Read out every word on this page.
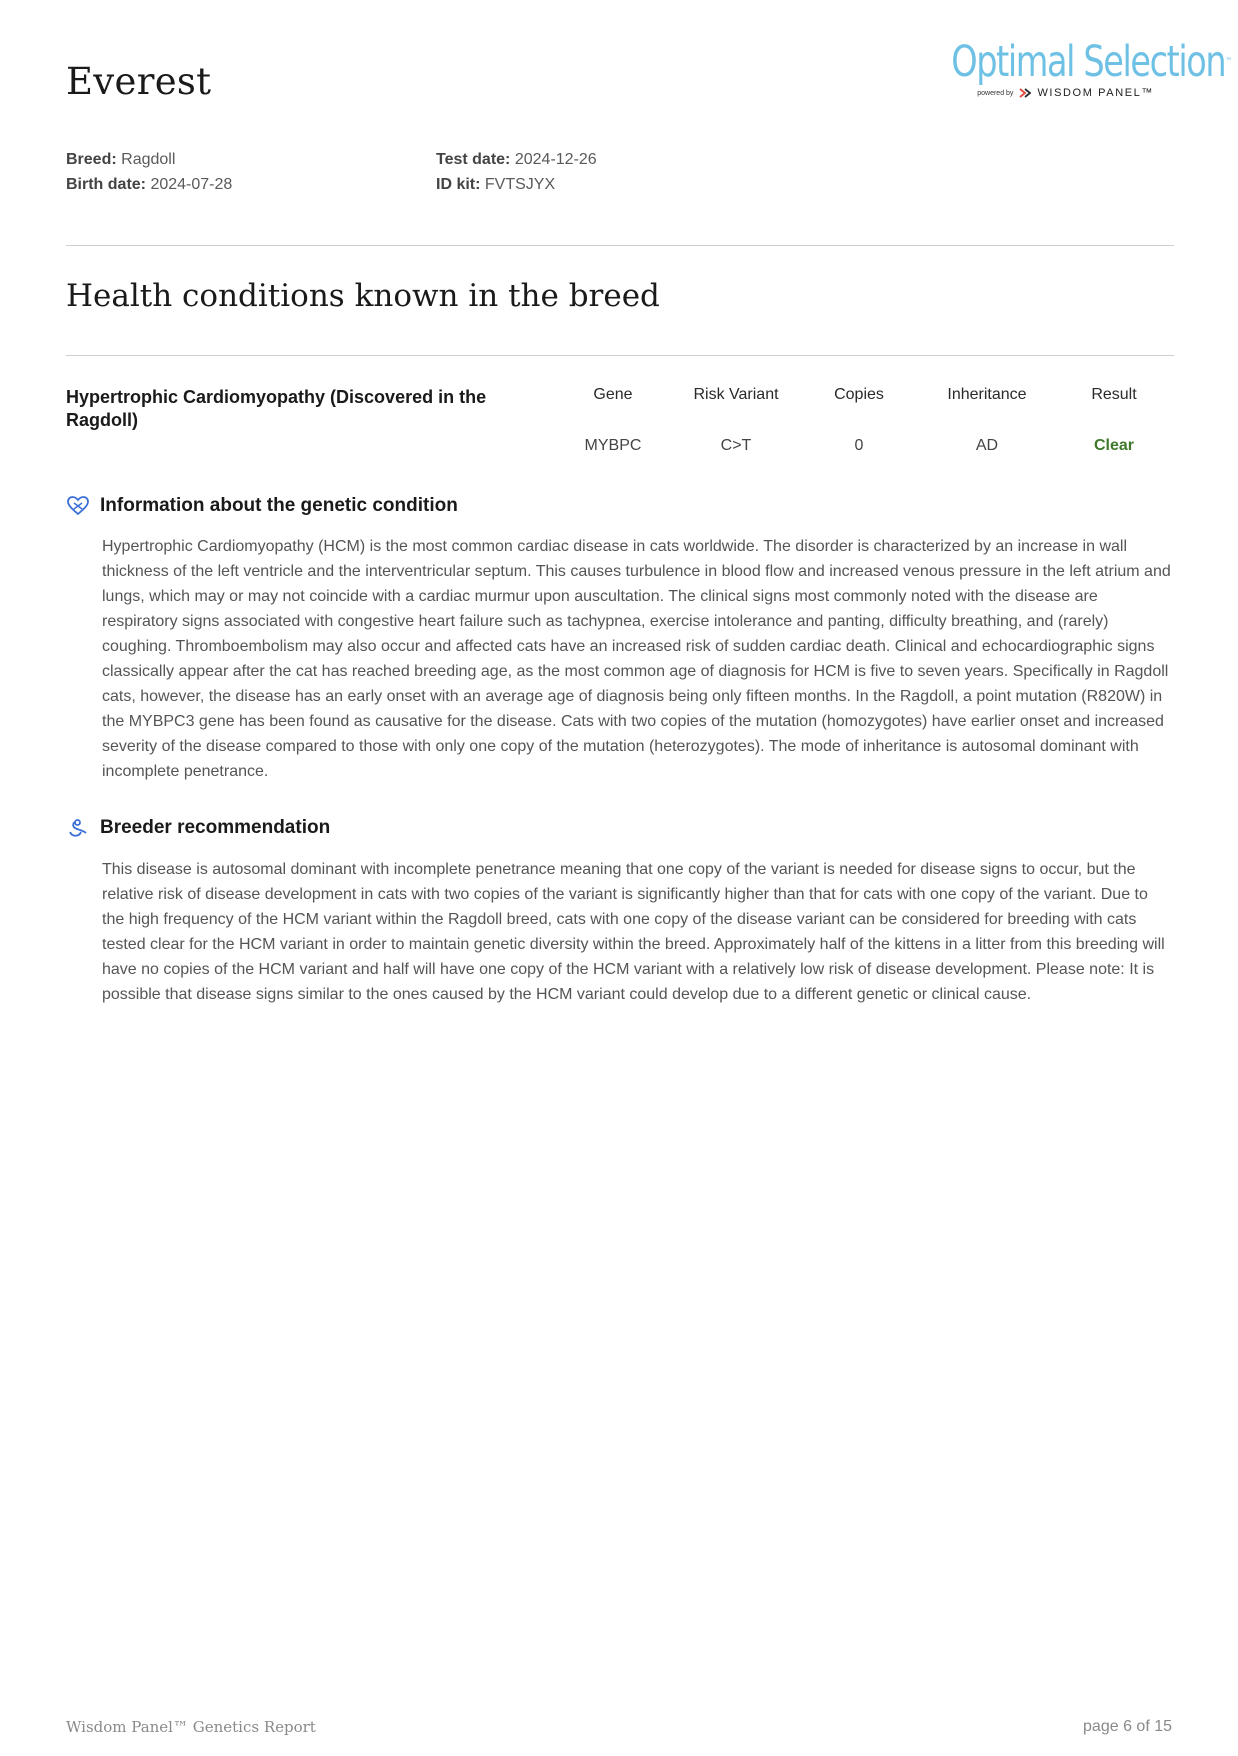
Everest	Optimal Selection™
powered by WISDOM PANEL™
Breed: Ragdoll
Birth date: 2024-07-28
Test date: 2024-12-26
ID kit: FVTSJYX
Health conditions known in the breed
Hypertrophic Cardiomyopathy (Discovered in the Ragdoll)
Gene
MYBPC
Risk Variant
C>T
Copies
0
Inheritance
AD
Result
Clear
Information about the genetic condition

Hypertrophic Cardiomyopathy (HCM) is the most common cardiac disease in cats worldwide. The disorder is characterized by an increase in wall thickness of the left ventricle and the interventricular septum. This causes turbulence in blood flow and increased venous pressure in the left atrium and lungs, which may or may not coincide with a cardiac murmur upon auscultation. The clinical signs most commonly noted with the disease are respiratory signs associated with congestive heart failure such as tachypnea, exercise intolerance and panting, difficulty breathing, and (rarely) coughing. Thromboembolism may also occur and affected cats have an increased risk of sudden cardiac death. Clinical and echocardiographic signs classically appear after the cat has reached breeding age, as the most common age of diagnosis for HCM is five to seven years. Specifically in Ragdoll cats, however, the disease has an early onset with an average age of diagnosis being only fifteen months. In the Ragdoll, a point mutation (R820W) in the MYBPC3 gene has been found as causative for the disease. Cats with two copies of the mutation (homozygotes) have earlier onset and increased severity of the disease compared to those with only one copy of the mutation (heterozygotes). The mode of inheritance is autosomal dominant with incomplete penetrance.

Breeder recommendation

This disease is autosomal dominant with incomplete penetrance meaning that one copy of the variant is needed for disease signs to occur, but the relative risk of disease development in cats with two copies of the variant is significantly higher than that for cats with one copy of the variant. Due to the high frequency of the HCM variant within the Ragdoll breed, cats with one copy of the disease variant can be considered for breeding with cats tested clear for the HCM variant in order to maintain genetic diversity within the breed. Approximately half of the kittens in a litter from this breeding will have no copies of the HCM variant and half will have one copy of the HCM variant with a relatively low risk of disease development. Please note: It is possible that disease signs similar to the ones caused by the HCM variant could develop due to a different genetic or clinical cause.

Wisdom Panel™ Genetics Report	page 6 of 15
